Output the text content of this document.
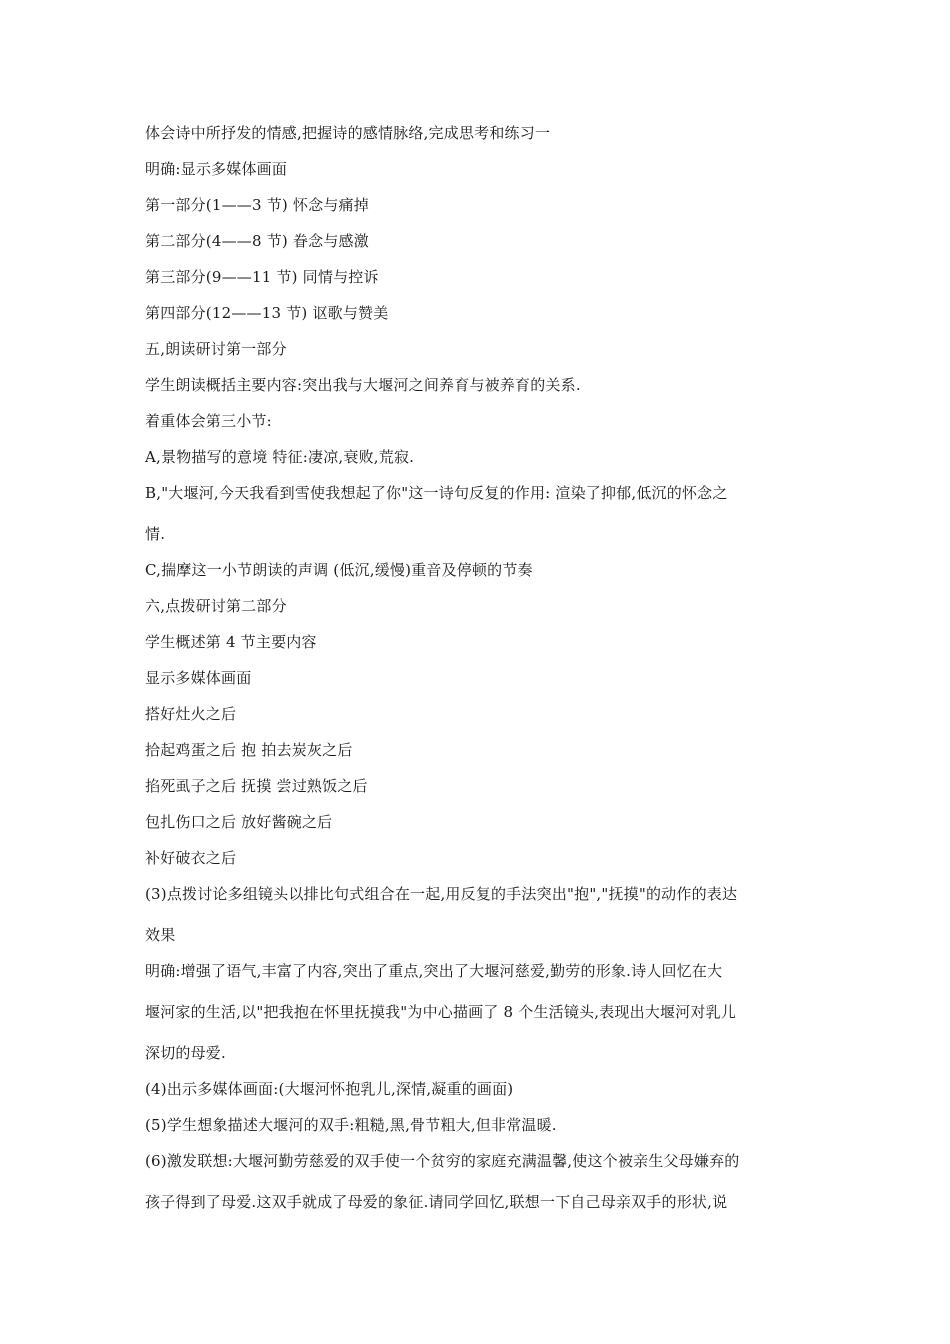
体会诗中所抒发的情感,把握诗的感情脉络,完成思考和练习一

明确:显示多媒体画面

第一部分(1——3 节) 怀念与痛掉

第二部分(4——8 节) 眷念与感激

第三部分(9——11 节) 同情与控诉

第四部分(12——13 节) 讴歌与赞美

五,朗读研讨第一部分

学生朗读概括主要内容:突出我与大堰河之间养育与被养育的关系.

着重体会第三小节:

A,景物描写的意境 特征:凄凉,衰败,荒寂.

B,"大堰河,今天我看到雪使我想起了你"这一诗句反复的作用: 渲染了抑郁,低沉的怀念之

情.

C,揣摩这一小节朗读的声调 (低沉,缓慢)重音及停顿的节奏

六,点拨研讨第二部分

学生概述第 4 节主要内容

显示多媒体画面

搭好灶火之后

拾起鸡蛋之后 抱 拍去炭灰之后

掐死虱子之后 抚摸 尝过熟饭之后

包扎伤口之后 放好酱碗之后

补好破衣之后

(3)点拨讨论多组镜头以排比句式组合在一起,用反复的手法突出"抱","抚摸"的动作的表达

效果

明确:增强了语气,丰富了内容,突出了重点,突出了大堰河慈爱,勤劳的形象.诗人回忆在大

堰河家的生活,以"把我抱在怀里抚摸我"为中心描画了 8 个生活镜头,表现出大堰河对乳儿

深切的母爱.

(4)出示多媒体画面:(大堰河怀抱乳儿,深情,凝重的画面)

(5)学生想象描述大堰河的双手:粗糙,黑,骨节粗大,但非常温暖.

(6)激发联想:大堰河勤劳慈爱的双手使一个贫穷的家庭充满温馨,使这个被亲生父母嫌弃的

孩子得到了母爱.这双手就成了母爱的象征.请同学回忆,联想一下自己母亲双手的形状,说
